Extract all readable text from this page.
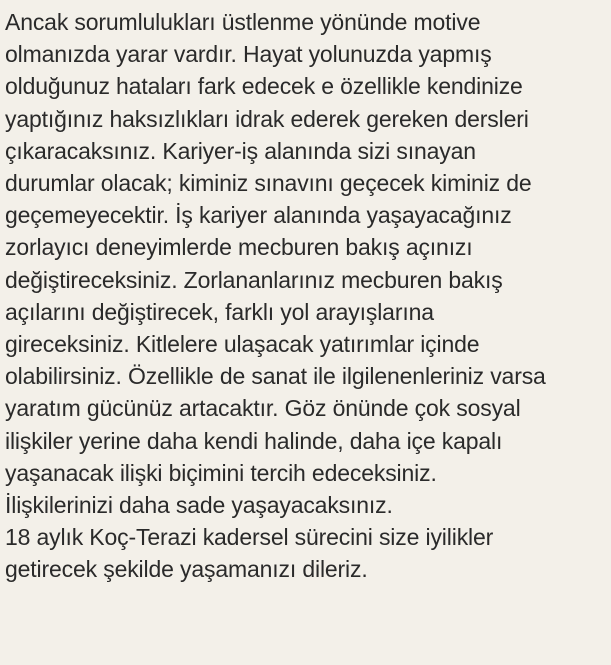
Ancak sorumlulukları üstlenme yönünde motive
olmanızda yarar vardır. Hayat yolunuzda yapmış
olduğunuz hataları fark edecek e özellikle kendinize
yaptığınız haksızlıkları idrak ederek gereken dersleri
çıkaracaksınız. Kariyer-iş alanında sizi sınayan
durumlar olacak; kiminiz sınavını geçecek kiminiz de
geçemeyecektir. İş kariyer alanında yaşayacağınız
zorlayıcı deneyimlerde mecburen bakış açınızı
değiştireceksiniz. Zorlananlarınız mecburen bakış
açılarını değiştirecek, farklı yol arayışlarına
gireceksiniz. Kitlelere ulaşacak yatırımlar içinde
olabilirsiniz. Özellikle de sanat ile ilgilenenleriniz varsa
yaratım gücünüz artacaktır. Göz önünde çok sosyal
ilişkiler yerine daha kendi halinde, daha içe kapalı
yaşanacak ilişki biçimini tercih edeceksiniz.
İlişkilerinizi daha sade yaşayacaksınız.
18 aylık Koç-Terazi kadersel sürecini size iyilikler
getirecek şekilde yaşamanızı dileriz.
